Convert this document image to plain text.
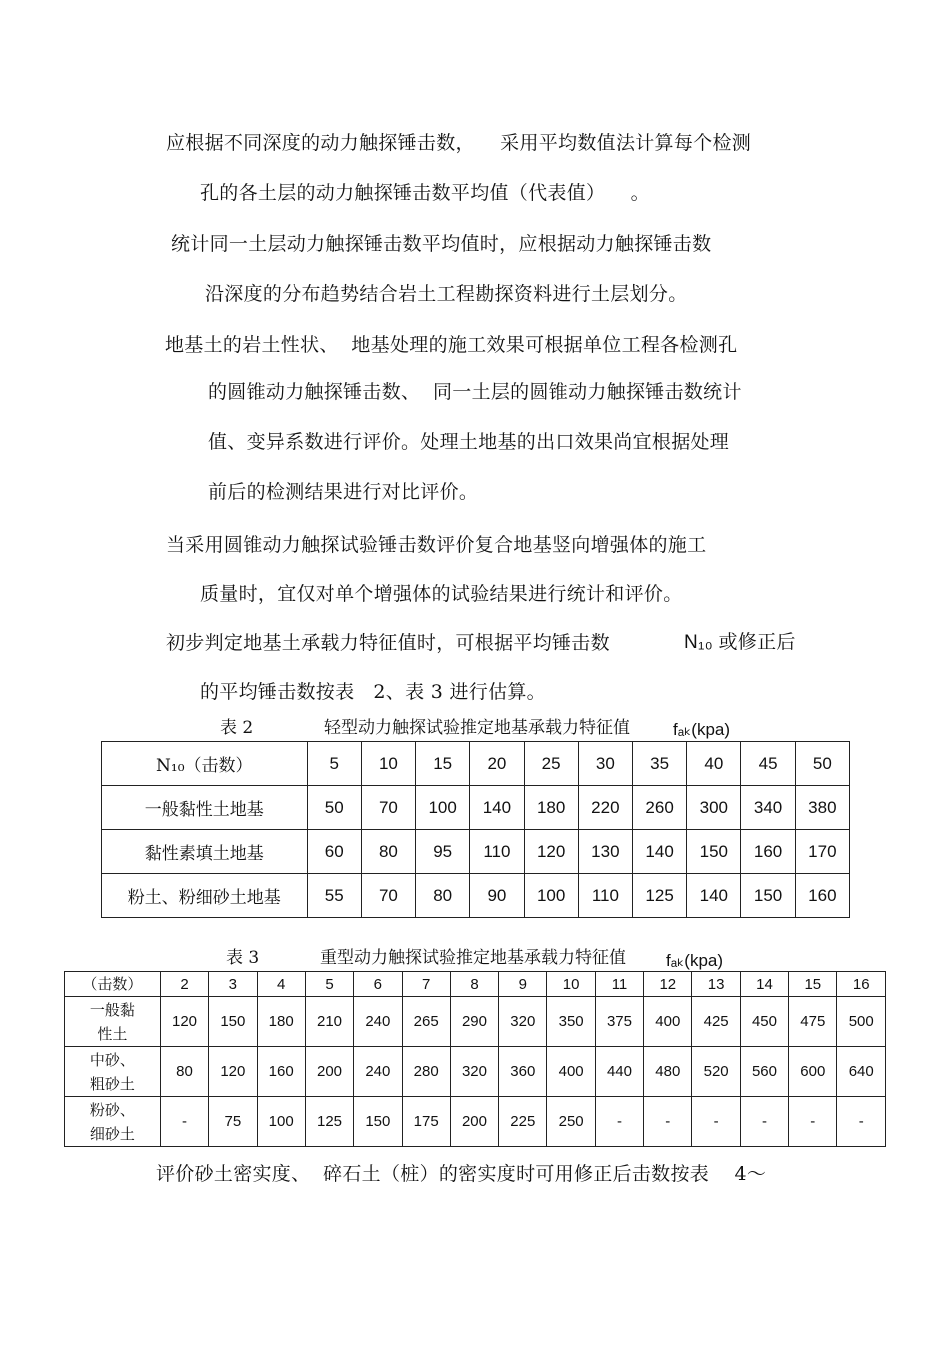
应根据不同深度的动力触探锤击数，    采用平均数值法计算每个检测
孔的各土层的动力触探锤击数平均值（代表值）    。
统计同一土层动力触探锤击数平均值时，应根据动力触探锤击数
沿深度的分布趋势结合岩土工程勘探资料进行土层划分。
地基土的岩土性状、  地基处理的施工效果可根据单位工程各检测孔
的圆锥动力触探锤击数、  同一土层的圆锥动力触探锤击数统计
值、变异系数进行评价。处理土地基的出口效果尚宜根据处理
前后的检测结果进行对比评价。
当采用圆锥动力触探试验锤击数评价复合地基竖向增强体的施工
质量时，宜仅对单个增强体的试验结果进行统计和评价。
初步判定地基土承载力特征值时，可根据平均锤击数	N₁₀ 或修正后
的平均锤击数按表   2、表 3 进行估算。
表 2	轻型动力触探试验推定地基承载力特征值	fₐₖ(kpa)
N₁₀（击数）	5	10	15	20	25	30	35	40	45	50
一般黏性土地基	50	70	100	140	180	220	260	300	340	380
黏性素填土地基	60	80	95	110	120	130	140	150	160	170
粉土、粉细砂土地基	55	70	80	90	100	110	125	140	150	160
表 3	重型动力触探试验推定地基承载力特征值 fₐₖ(kpa)
（击数）	2	3	4	5	6	7	8	9	10	11	12	13	14	15	16
一般黏
性土	120	150	180	210	240	265	290	320	350	375	400	425	450	475	500
中砂、
粗砂土	80	120	160	200	240	280	320	360	400	440	480	520	560	600	640
粉砂、
细砂土	-	75	100	125	150	175	200	225	250	-	-	-	-	-	-
评价砂土密实度、  碎石土（桩）的密实度时可用修正后击数按表    4～
